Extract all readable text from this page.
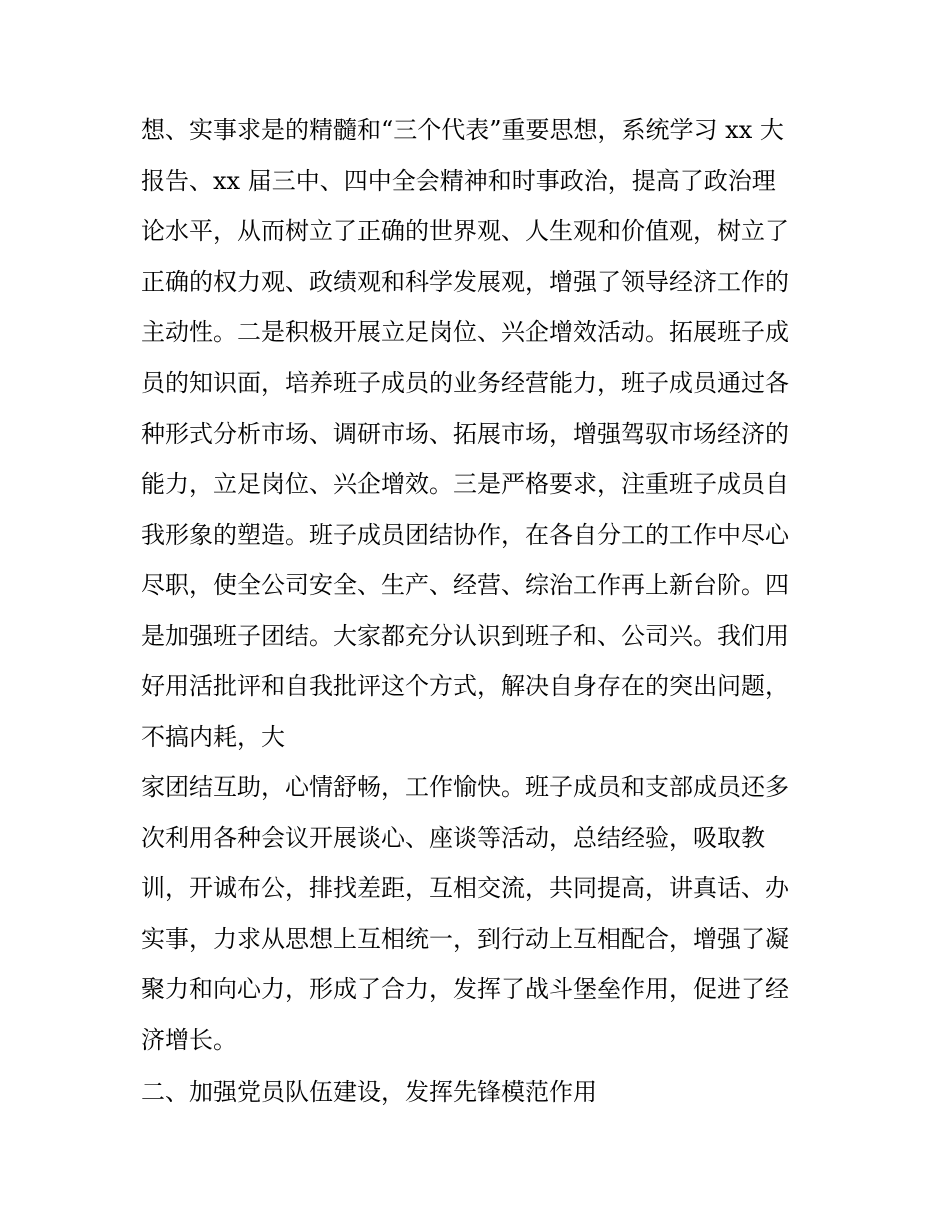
想、实事求是的精髓和“三个代表”重要思想，系统学习 xx 大
报告、xx 届三中、四中全会精神和时事政治，提高了政治理
论水平，从而树立了正确的世界观、人生观和价值观，树立了
正确的权力观、政绩观和科学发展观，增强了领导经济工作的
主动性。二是积极开展立足岗位、兴企增效活动。拓展班子成
员的知识面，培养班子成员的业务经营能力，班子成员通过各
种形式分析市场、调研市场、拓展市场，增强驾驭市场经济的
能力，立足岗位、兴企增效。三是严格要求，注重班子成员自
我形象的塑造。班子成员团结协作，在各自分工的工作中尽心
尽职，使全公司安全、生产、经营、综治工作再上新台阶。四
是加强班子团结。大家都充分认识到班子和、公司兴。我们用
好用活批评和自我批评这个方式，解决自身存在的突出问题，
不搞内耗，大
家团结互助，心情舒畅，工作愉快。班子成员和支部成员还多
次利用各种会议开展谈心、座谈等活动，总结经验，吸取教
训，开诚布公，排找差距，互相交流，共同提高，讲真话、办
实事，力求从思想上互相统一，到行动上互相配合，增强了凝
聚力和向心力，形成了合力，发挥了战斗堡垒作用，促进了经
济增长。
二、加强党员队伍建设，发挥先锋模范作用
